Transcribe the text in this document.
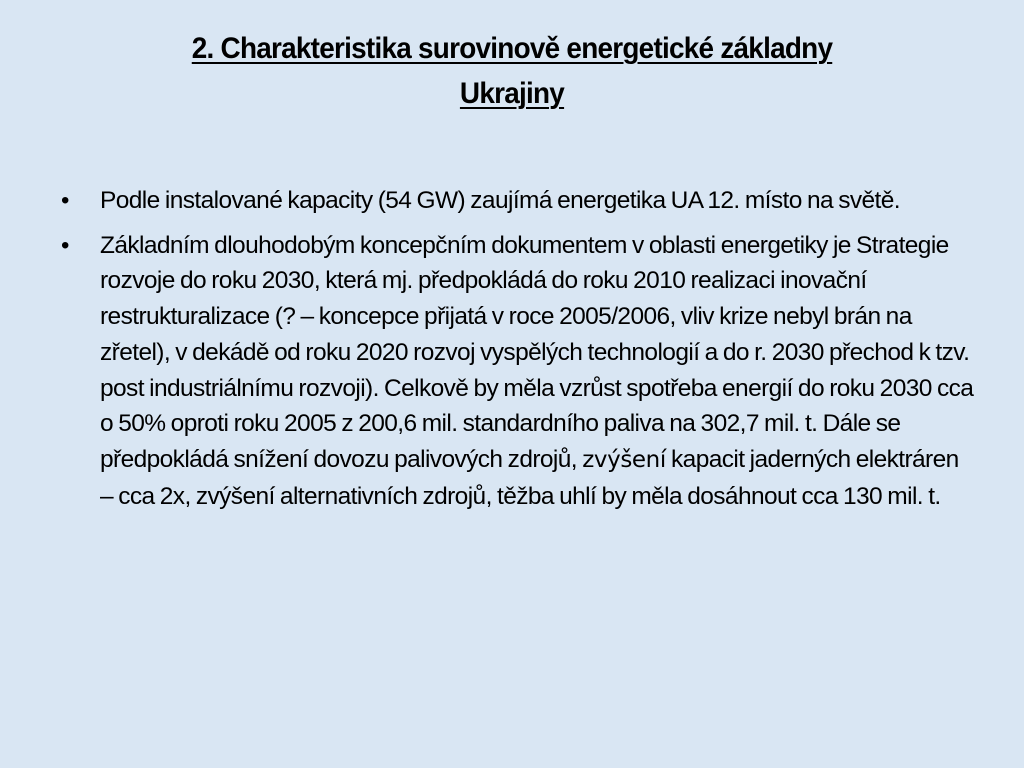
2. Charakteristika surovinově energetické základny
Ukrajiny
• Podle instalované kapacity (54 GW) zaujímá energetika UA 12. místo na světě.
• Základním dlouhodobým koncepčním dokumentem v oblasti energetiky je Strategie rozvoje do roku 2030, která mj. předpokládá do roku 2010 realizaci inovační restrukturalizace (? – koncepce přijatá v roce 2005/2006, vliv krize nebyl brán na zřetel), v dekádě od roku 2020 rozvoj vyspělých technologií a do r. 2030 přechod k tzv. post industriálnímu rozvoji). Celkově by měla vzrůst spotřeba energií do roku 2030 cca o 50% oproti roku 2005 z 200,6 mil. standardního paliva na 302,7 mil. t. Dále se předpokládá snížení dovozu palivových zdrojů, zvýšení kapacit jaderných elektráren – cca 2x, zvýšení alternativních zdrojů, těžba uhlí by měla dosáhnout cca 130 mil. t.
